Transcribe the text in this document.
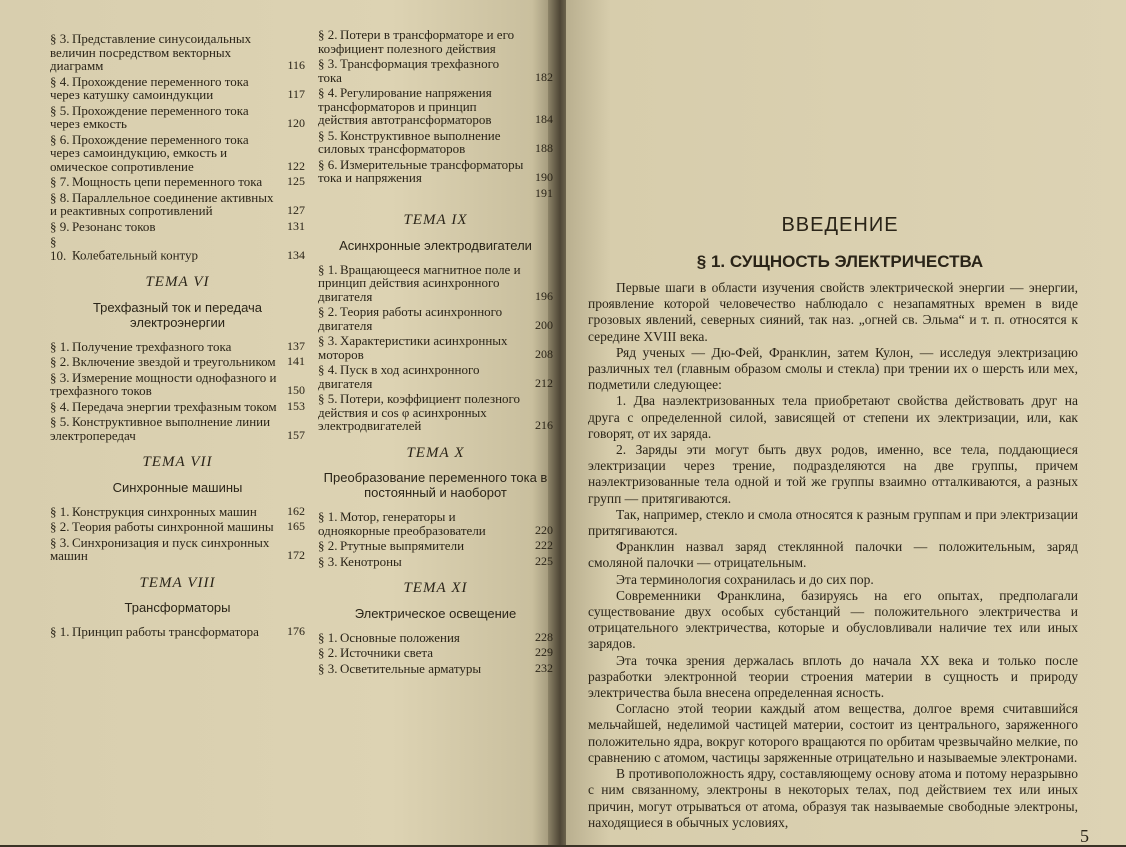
§ 3. Представление синусоидальных величин посредством векторных диаграмм	116
§ 4. Прохождение переменного тока через катушку самоиндукции	117
§ 5. Прохождение переменного тока через емкость	120
§ 6. Прохождение переменного тока через самоиндукцию, емкость и омическое сопротивление	122
§ 7. Мощность цепи переменного тока	125
§ 8. Параллельное соединение активных и реактивных сопротивлений	127
§ 9. Резонанс токов	131
§ 10. Колебательный контур	134
ТЕМА VI
Трехфазный ток и передача электроэнергии
§ 1. Получение трехфазного тока	137
§ 2. Включение звездой и треугольником 141
§ 3. Измерение мощности однофазного и трехфазного токов	150
§ 4. Передача энергии трехфазным током 153
§ 5. Конструктивное выполнение линии электропередач	157
ТЕМА VII
Синхронные машины
§ 1. Конструкция синхронных машин	162
§ 2. Теория работы синхронной машины	165
§ 3. Синхронизация и пуск синхронных машин	172
ТЕМА VIII
Трансформаторы
§ 1. Принцип работы трансформатора	176
§ 2. Потери в трансформаторе и его коэфициент полезного действия
§ 3. Трансформация трехфазного тока	182
§ 4. Регулирование напряжения трансформаторов и принцип действия автотрансформаторов	184
§ 5. Конструктивное выполнение силовых трансформаторов	188
§ 6. Измерительные трансформаторы тока и напряжения	190
191
ТЕМА IX
Асинхронные электродвигатели
§ 1. Вращающееся магнитное поле и принцип действия асинхронного двигателя	196
§ 2. Теория работы асинхронного двигателя	200
§ 3. Характеристики асинхронных моторов	208
§ 4. Пуск в ход асинхронного двигателя	212
§ 5. Потери, коэффициент полезного действия и cos φ асинхронных электродвигателей	216
ТЕМА X
Преобразование переменного тока в постоянный и наоборот
§ 1. Мотор, генераторы и одноякорные преобразователи	220
§ 2. Ртутные выпрямители	222
§ 3. Кенотроны	225
ТЕМА XI
Электрическое освещение
§ 1. Основные положения	228
§ 2. Источники света	229
§ 3. Осветительные арматуры	232
ВВЕДЕНИЕ
§ 1. СУЩНОСТЬ ЭЛЕКТРИЧЕСТВА

Первые шаги в области изучения свойств электрической энергии — энергии, проявление которой человечество наблюдало с незапамятных времен в виде грозовых явлений, северных сияний, так наз. „огней св. Эльма“ и т. п. относятся к середине XVIII века.

Ряд ученых — Дю-Фей, Франклин, затем Кулон, — исследуя электризацию различных тел (главным образом смолы и стекла) при трении их о шерсть или мех, подметили следующее:

1. Два наэлектризованных тела приобретают свойства действовать друг на друга с определенной силой, зависящей от степени их электризации, или, как говорят, от их заряда.

2. Заряды эти могут быть двух родов, именно, все тела, поддающиеся электризации через трение, подразделяются на две группы, причем наэлектризованные тела одной и той же группы взаимно отталкиваются, а разных групп — притягиваются.

Так, например, стекло и смола относятся к разным группам и при электризации притягиваются.

Франклин назвал заряд стеклянной палочки — положительным, заряд смоляной палочки — отрицательным.

Эта терминология сохранилась и до сих пор.

Современники Франклина, базируясь на его опытах, предполагали существование двух особых субстанций — положительного электричества и отрицательного электричества, которые и обусловливали наличие тех или иных зарядов.

Эта точка зрения держалась вплоть до начала XX века и только после разработки электронной теории строения материи в сущность и природу электричества была внесена определенная ясность.

Согласно этой теории каждый атом вещества, долгое время считавшийся мельчайшей, неделимой частицей материи, состоит из центрального, заряженного положительно ядра, вокруг которого вращаются по орбитам чрезвычайно мелкие, по сравнению с атомом, частицы заряженные отрицательно и называемые электронами.

В противоположность ядру, составляющему основу атома и потому неразрывно с ним связанному, электроны в некоторых телах, под действием тех или иных причин, могут отрываться от атома, образуя так называемые свободные электроны, находящиеся в обычных условиях,

5
